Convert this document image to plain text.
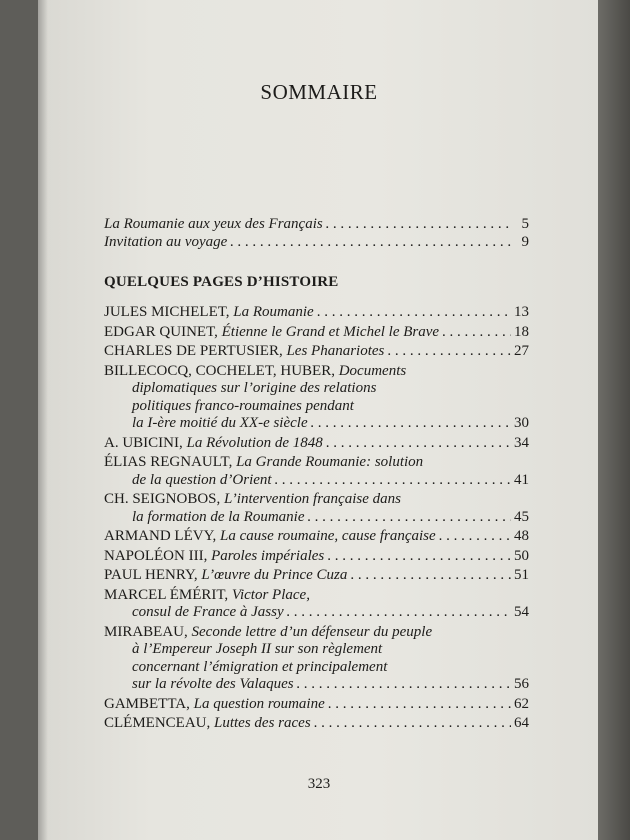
SOMMAIRE
La Roumanie aux yeux des Français . . .	5
Invitation au voyage . . .	9
QUELQUES PAGES D’HISTOIRE
JULES MICHELET, La Roumanie . . .	13
EDGAR QUINET, Étienne le Grand et Michel le Brave . . .	18
CHARLES DE PERTUSIER, Les Phanariotes . . .	27
BILLECOCQ, COCHELET, HUBER, Documents
diplomatiques sur l’origine des relations
politiques franco-roumaines pendant
la I-ère moitié du XX-e siècle . . .	30
A. UBICINI, La Révolution de 1848 . . .	34
ÉLIAS REGNAULT, La Grande Roumanie: solution
de la question d’Orient . . .	41
CH. SEIGNOBOS, L’intervention française dans
la formation de la Roumanie . . .	45
ARMAND LÉVY, La cause roumaine, cause française . . .	48
NAPOLÉON III, Paroles impériales . . .	50
PAUL HENRY, L’œuvre du Prince Cuza . . .	51
MARCEL ÉMÉRIT, Victor Place,
consul de France à Jassy . . .	54
MIRABEAU, Seconde lettre d’un défenseur du peuple
à l’Empereur Joseph II sur son règlement
concernant l’émigration et principalement
sur la révolte des Valaques . . .	56
GAMBETTA, La question roumaine . . .	62
CLÉMENCEAU, Luttes des races . . .	64
323
